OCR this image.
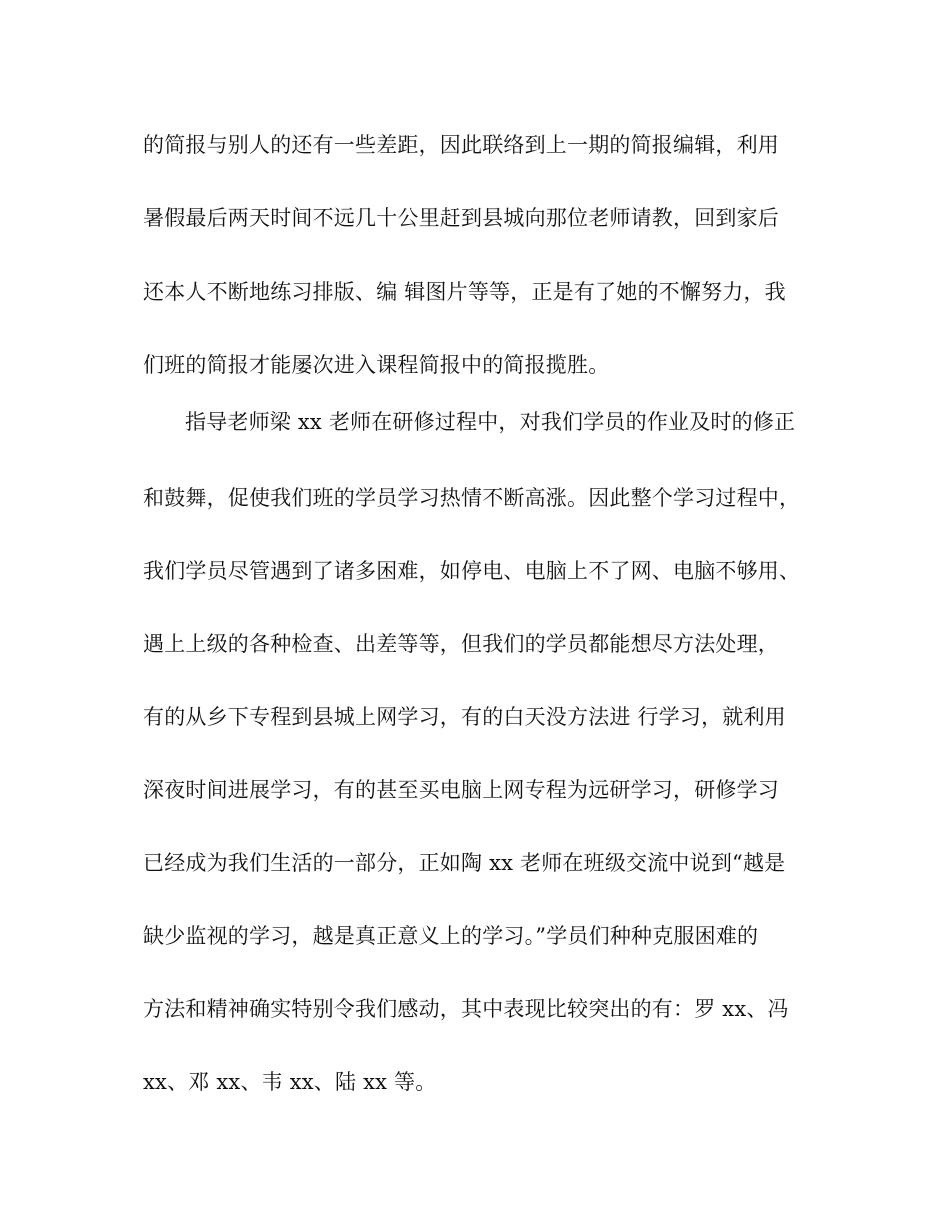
的简报与别人的还有一些差距，因此联络到上一期的简报编辑，利用
暑假最后两天时间不远几十公里赶到县城向那位老师请教，回到家后
还本人不断地练习排版、编 辑图片等等，正是有了她的不懈努力，我
们班的简报才能屡次进入课程简报中的简报揽胜。
指导老师梁 xx 老师在研修过程中，对我们学员的作业及时的修正
和鼓舞，促使我们班的学员学习热情不断高涨。因此整个学习过程中，
我们学员尽管遇到了诸多困难，如停电、电脑上不了网、电脑不够用、
遇上上级的各种检查、出差等等，但我们的学员都能想尽方法处理，
有的从乡下专程到县城上网学习，有的白天没方法进 行学习，就利用
深夜时间进展学习，有的甚至买电脑上网专程为远研学习，研修学习
已经成为我们生活的一部分，正如陶 xx 老师在班级交流中说到“越是
缺少监视的学习，越是真正意义上的学习。”学员们种种克服困难的
方法和精神确实特别令我们感动，其中表现比较突出的有：罗 xx、冯
xx、邓 xx、韦 xx、陆 xx 等。
